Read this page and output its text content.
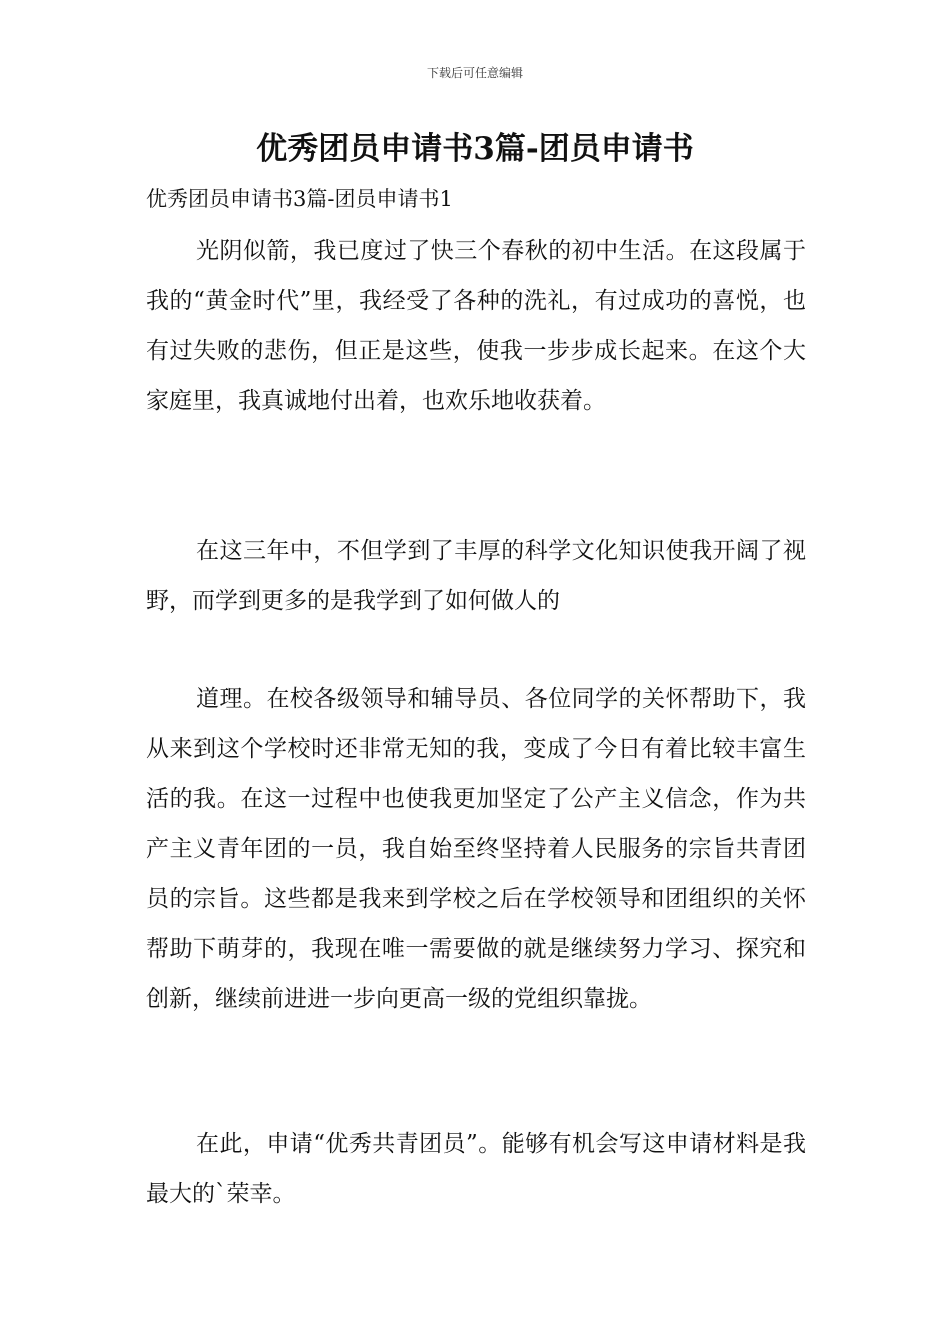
下载后可任意编辑
优秀团员申请书3篇-团员申请书

优秀团员申请书3篇-团员申请书1

光阴似箭，我已度过了快三个春秋的初中生活。在这段属于我的“黄金时代”里，我经受了各种的洗礼，有过成功的喜悦，也有过失败的悲伤，但正是这些，使我一步步成长起来。在这个大家庭里，我真诚地付出着，也欢乐地收获着。

在这三年中，不但学到了丰厚的科学文化知识使我开阔了视野，而学到更多的是我学到了如何做人的

道理。在校各级领导和辅导员、各位同学的关怀帮助下，我从来到这个学校时还非常无知的我，变成了今日有着比较丰富生活的我。在这一过程中也使我更加坚定了公产主义信念，作为共产主义青年团的一员，我自始至终坚持着人民服务的宗旨共青团员的宗旨。这些都是我来到学校之后在学校领导和团组织的关怀帮助下萌芽的，我现在唯一需要做的就是继续努力学习、探究和创新，继续前进进一步向更高一级的党组织靠拢。

在此，申请“优秀共青团员”。能够有机会写这申请材料是我最大的`荣幸。
